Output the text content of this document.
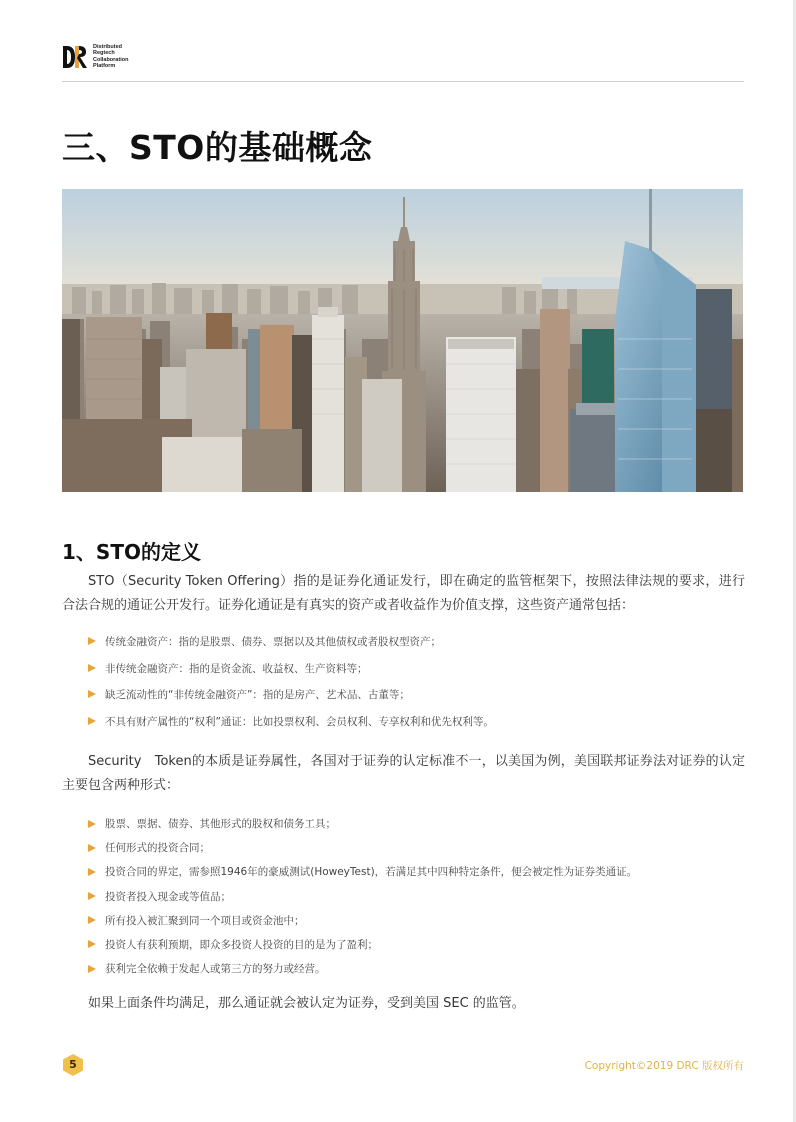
Distributed
Regtech
Collaboration
Platform
三、STO的基础概念
1、STO的定义

STO（Security Token Offering）指的是证券化通证发行，即在确定的监管框架下，按照法律法规的要求，进行合法合规的通证公开发行。证券化通证是有真实的资产或者收益作为价值支撑，这些资产通常包括：

传统金融资产：指的是股票、债券、票据以及其他债权或者股权型资产；
非传统金融资产：指的是资金流、收益权、生产资料等；
缺乏流动性的“非传统金融资产”：指的是房产、艺术品、古董等；
不具有财产属性的“权利”通证：比如投票权利、会员权利、专享权利和优先权利等。

Security　Token的本质是证券属性，各国对于证券的认定标准不一，以美国为例，美国联邦证券法对证券的认定主要包含两种形式：

股票、票据、债券、其他形式的股权和债务工具；
任何形式的投资合同；
投资合同的界定，需参照1946年的豪威测试(HoweyTest)，若满足其中四种特定条件，便会被定性为证券类通证。
投资者投入现金或等值品；
所有投入被汇聚到同一个项目或资金池中；
投资人有获利预期，即众多投资人投资的目的是为了盈利；
获利完全依赖于发起人或第三方的努力或经营。

如果上面条件均满足，那么通证就会被认定为证券，受到美国 SEC 的监管。

5	Copyright©2019 DRC 版权所有
